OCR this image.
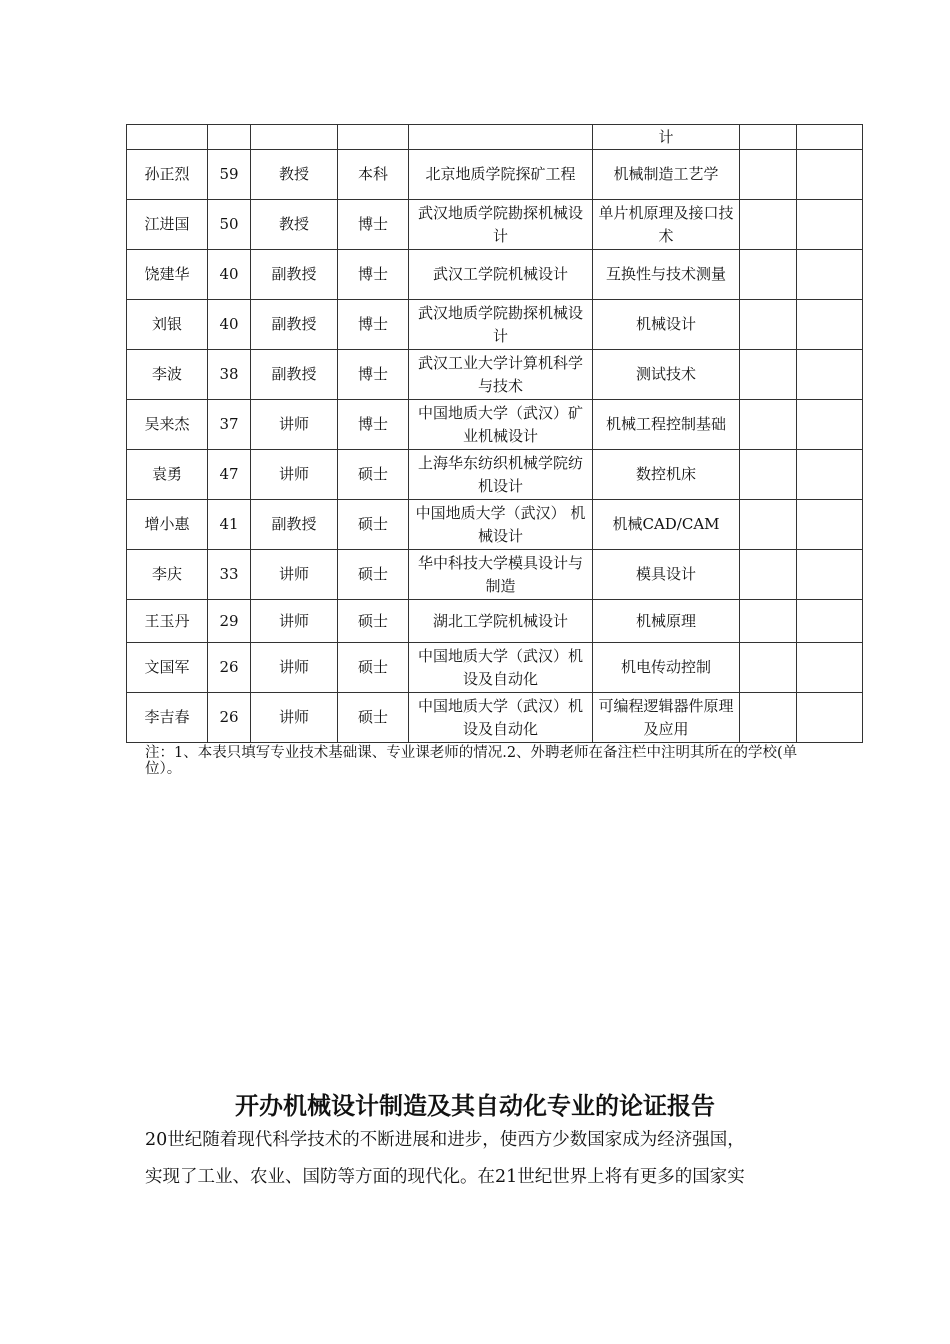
					计		
孙正烈	59	教授	本科	北京地质学院探矿工程	机械制造工艺学		
江进国	50	教授	博士	武汉地质学院勘探机械设计	单片机原理及接口技术		
饶建华	40	副教授	博士	武汉工学院机械设计	互换性与技术测量		
刘银	40	副教授	博士	武汉地质学院勘探机械设计	机械设计		
李波	38	副教授	博士	武汉工业大学计算机科学与技术	测试技术		
吴来杰	37	讲师	博士	中国地质大学（武汉）矿业机械设计	机械工程控制基础		
袁勇	47	讲师	硕士	上海华东纺织机械学院纺机设计	数控机床		
增小惠	41	副教授	硕士	中国地质大学（武汉） 机械设计	机械CAD/CAM		
李庆	33	讲师	硕士	华中科技大学模具设计与制造	模具设计		
王玉丹	29	讲师	硕士	湖北工学院机械设计	机械原理		
文国军	26	讲师	硕士	中国地质大学（武汉）机设及自动化	机电传动控制		
李吉春	26	讲师	硕士	中国地质大学（武汉）机设及自动化	可编程逻辑器件原理及应用		
注：1、本表只填写专业技术基础课、专业课老师的情况.2、外聘老师在备注栏中注明其所在的学校(单位）。
开办机械设计制造及其自动化专业的论证报告
20世纪随着现代科学技术的不断进展和进步，使西方少数国家成为经济强国，
实现了工业、农业、国防等方面的现代化。在21世纪世界上将有更多的国家实
